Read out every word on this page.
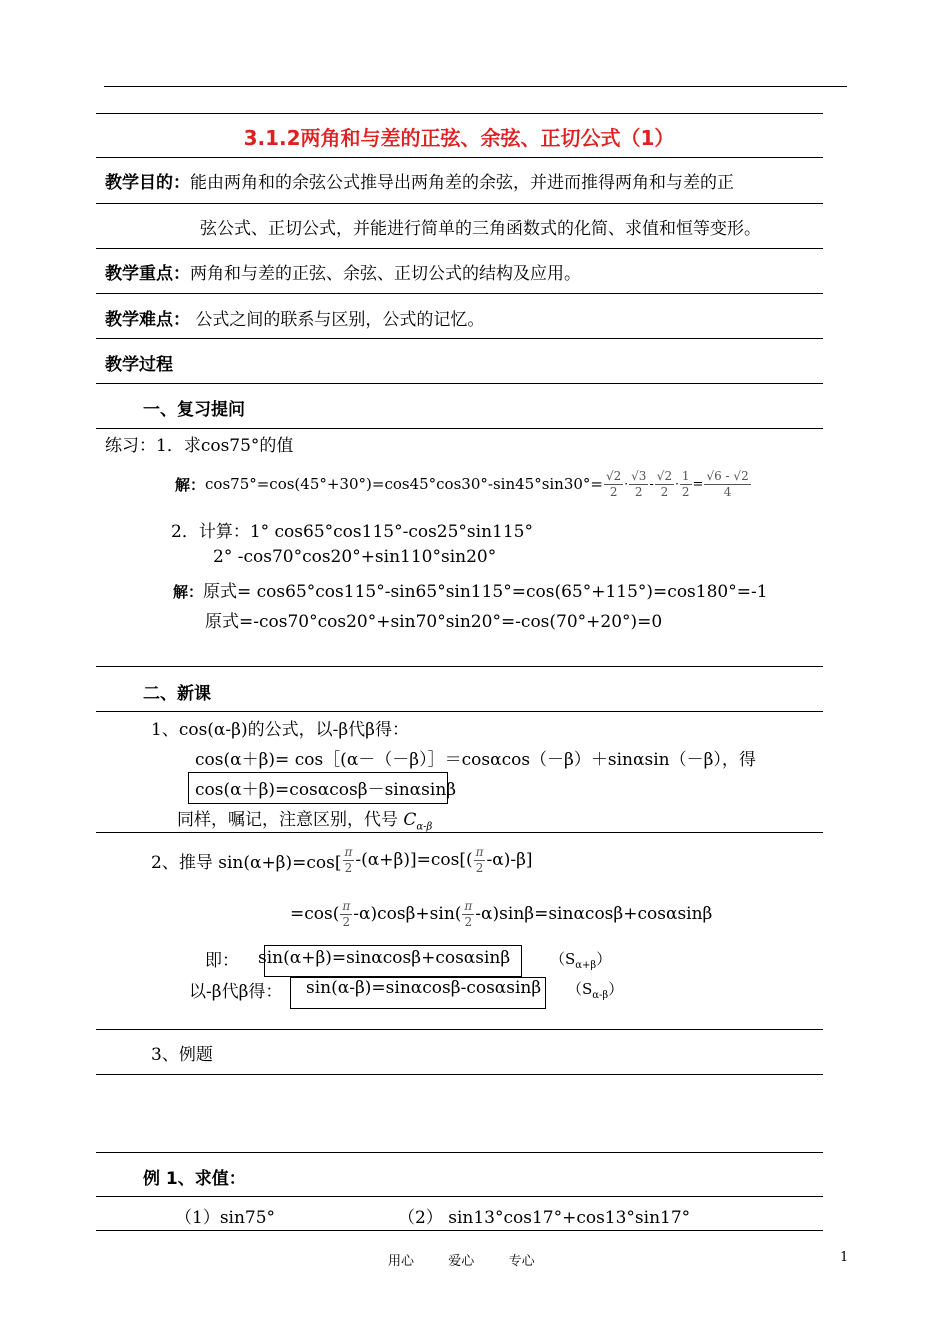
3.1.2两角和与差的正弦、余弦、正切公式（1）
教学目的：能由两角和的余弦公式推导出两角差的余弦，并进而推得两角和与差的正
弦公式、正切公式，并能进行简单的三角函数式的化简、求值和恒等变形。
教学重点：两角和与差的正弦、余弦、正切公式的结构及应用。
教学难点： 公式之间的联系与区别，公式的记忆。
教学过程
一、复习提问
练习：1．求cos75°的值
解： $\cos 75^\circ=\cos(45^\circ+30^\circ)=\cos 45^\circ\cos 30^\circ-\sin 45^\circ\sin 30^\circ= \frac{√2}{2} \cdot \frac{√3}{2} - \frac{√2}{2} \cdot \frac{1}{2} = \frac{√6 - √2}{4}$
2．计算：1° cos65°cos115°-cos25°sin115°
2° -cos70°cos20°+sin110°sin20°
解：原式= cos65°cos115°-sin65°sin115°=cos(65°+115°)=cos180°=-1
原式=-cos70°cos20°+sin70°sin20°=-cos(70°+20°)=0
二、新课
1、cos(α-β)的公式，以-β代β得：
cos(α＋β)= cos［(α－（－β）］＝cosαcos（－β）＋sinαsin（－β），得
cos(α＋β)=cosαcosβ－sinαsinβ
同样，嘱记，注意区别，代号 $C_{\alpha-\beta}$
2、推导 $\sin(\alpha+\beta)=\cos[ \frac{\pi}{2} -(\alpha+\beta)]=\cos[( \frac{\pi}{2} -\alpha)-\beta]$
$=\cos( \frac{\pi}{2} -\alpha)\cos\beta+\sin( \frac{\pi}{2} -\alpha)\sin\beta=\sin\alpha\cos\beta+\cos\alpha\sin\beta$
即： sin(α+β)=sinαcosβ+cosαsinβ	$(S_{\alpha+\beta})$
以-β代β得： sin(α-β)=sinαcosβ-cosαsinβ $(S_{\alpha-\beta})$
3、例题
例 1、求值：
（1）sin75°	（2） sin13°cos17°+cos13°sin17°
用心	爱心	专心	1
